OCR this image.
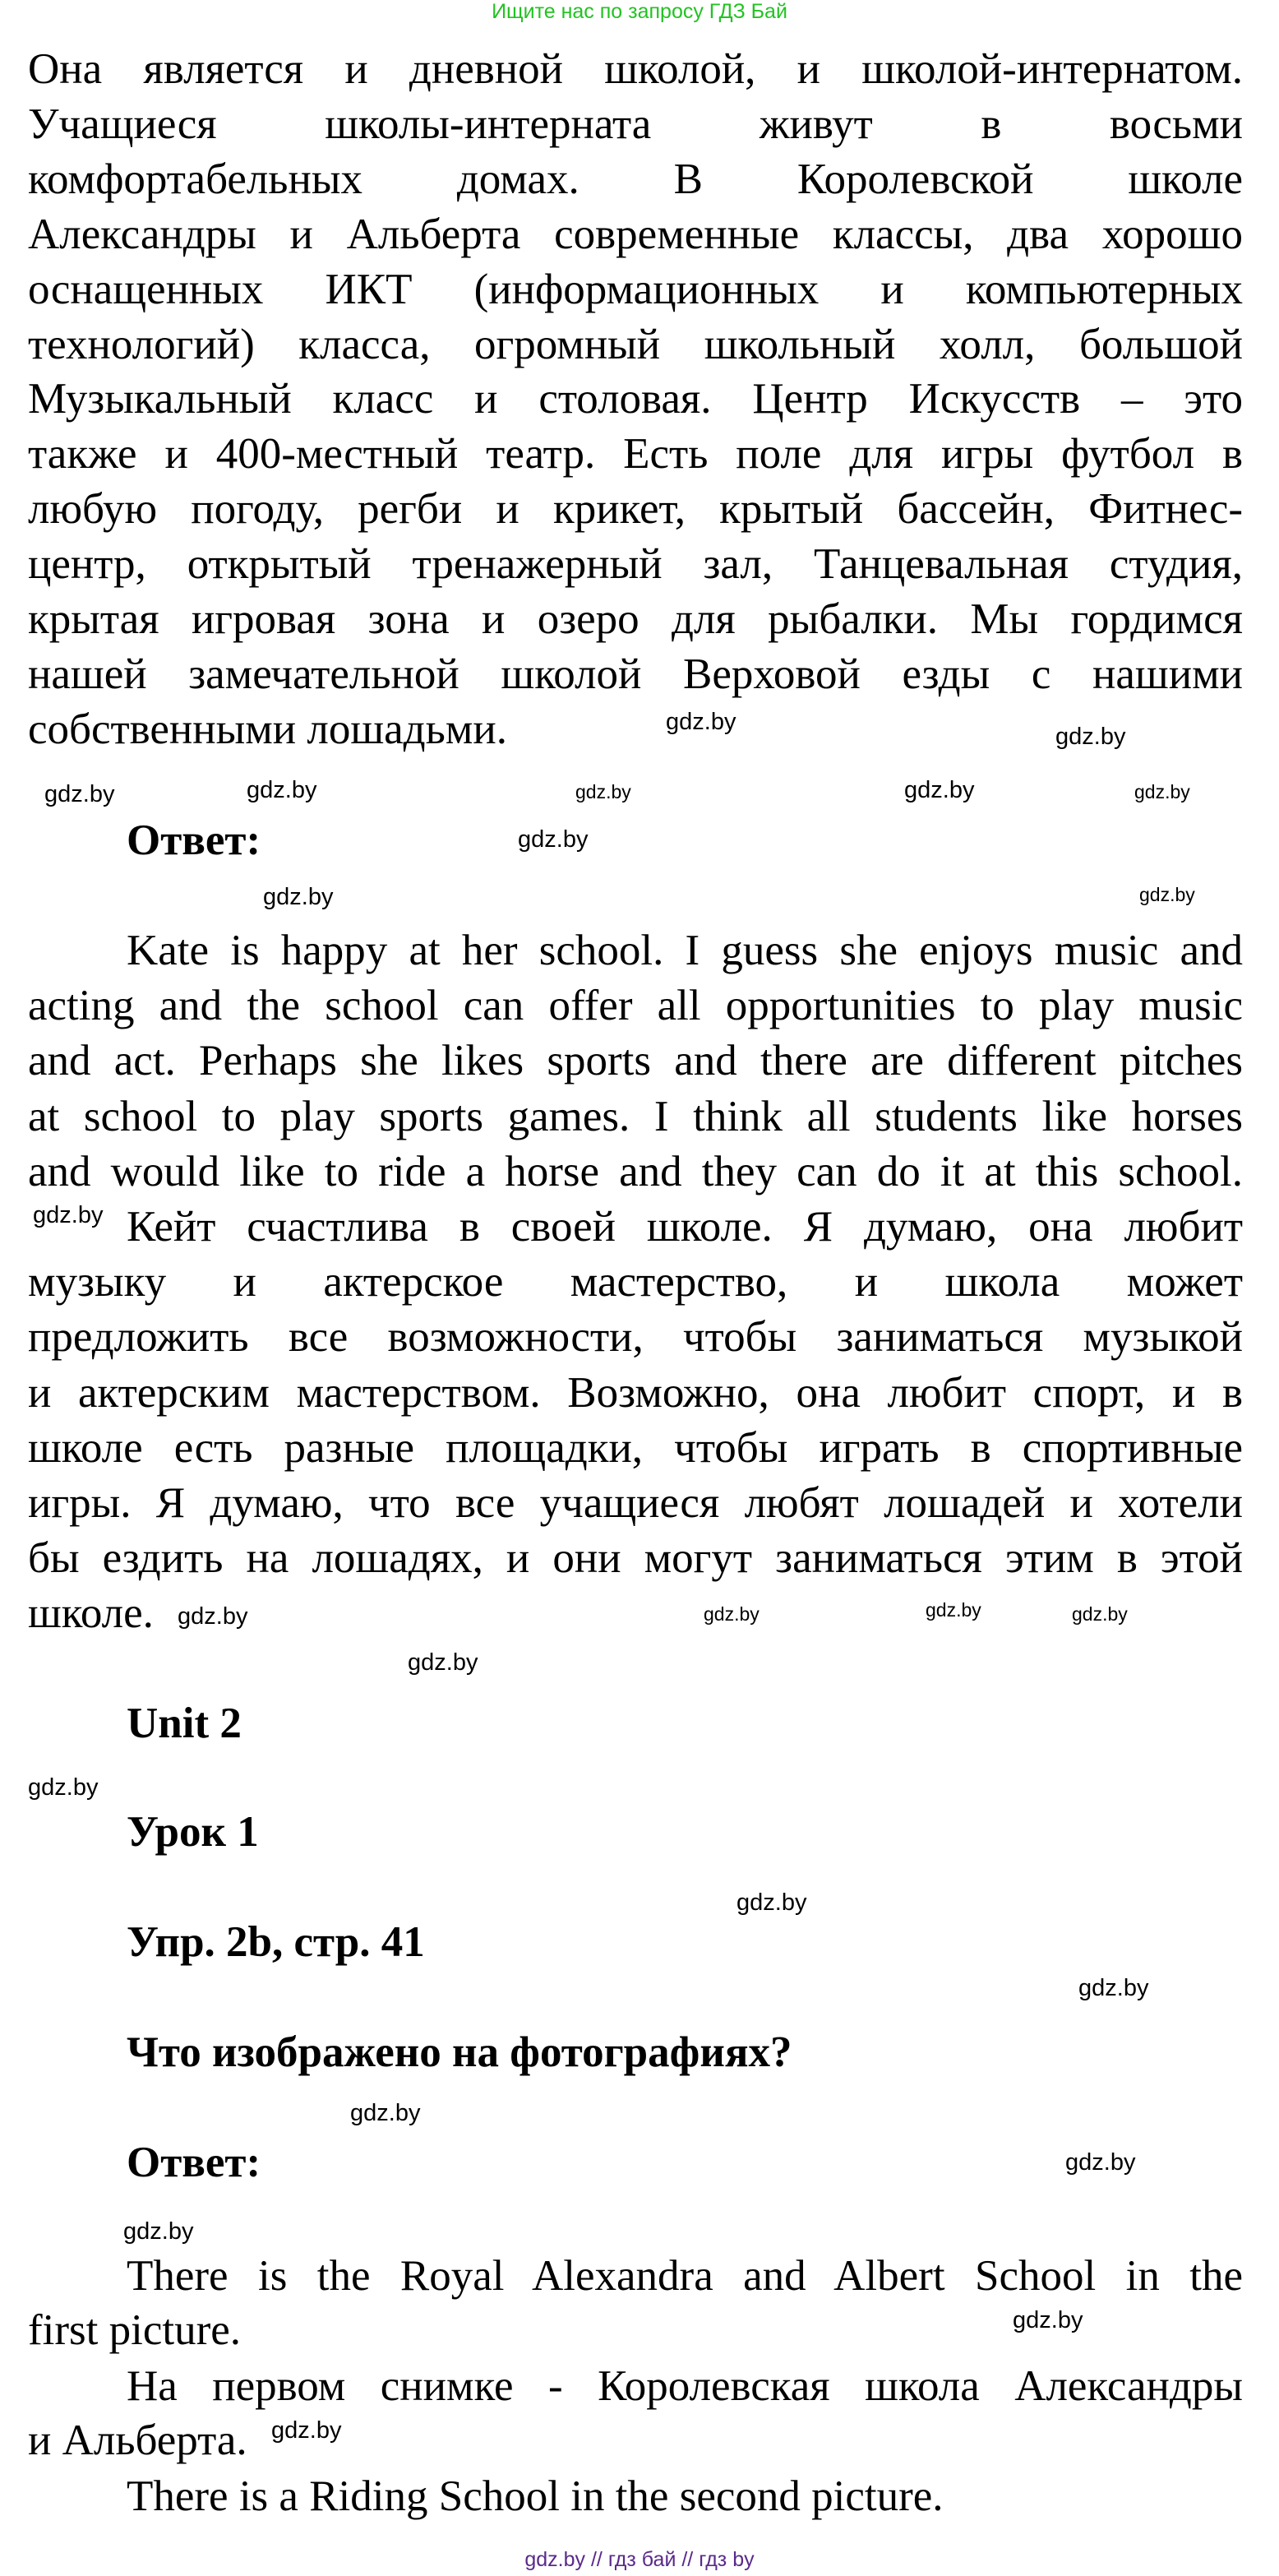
Ищите нас по запросу ГДЗ Бай
Она является и дневной школой, и школой-интернатом.
Учащиеся школы-интерната живут в восьми
комфортабельных домах. В Королевской школе
Александры и Альберта современные классы, два хорошо
оснащенных ИКТ (информационных и компьютерных
технологий) класса, огромный школьный холл, большой
Музыкальный класс и столовая. Центр Искусств – это
также и 400-местный театр. Есть поле для игры футбол в
любую погоду, регби и крикет, крытый бассейн, Фитнес-
центр, открытый тренажерный зал, Танцевальная студия,
крытая игровая зона и озеро для рыбалки. Мы гордимся
нашей замечательной школой Верховой езды с нашими
собственными лошадьми.
Ответ:
Kate is happy at her school. I guess she enjoys music and
acting and the school can offer all opportunities to play music
and act. Perhaps she likes sports and there are different pitches
at school to play sports games. I think all students like horses
and would like to ride a horse and they can do it at this school.
Кейт счастлива в своей школе. Я думаю, она любит
музыку и актерское мастерство, и школа может
предложить все возможности, чтобы заниматься музыкой
и актерским мастерством. Возможно, она любит спорт, и в
школе есть разные площадки, чтобы играть в спортивные
игры. Я думаю, что все учащиеся любят лошадей и хотели
бы ездить на лошадях, и они могут заниматься этим в этой
школе.
Unit 2
Урок 1
Упр. 2b, стр. 41
Что изображено на фотографиях?
Ответ:
There is the Royal Alexandra and Albert School in the
first picture.
На первом снимке - Королевская школа Александры
и Альберта.
There is a Riding School in the second picture.
gdz.by	gdz.by	gdz.by
gdz.by
gdz.by
gdz.by
gdz.by
gdz.by
gdz.by	gdz.by
gdz.by
gdz.by	gdz.by	gdz.by
gdz.by
gdz.by
gdz.by
gdz.by
gdz.by
gdz.by
gdz.by
gdz.by
gdz.by
gdz.by
gdz.by // гдз бай // гдз by
